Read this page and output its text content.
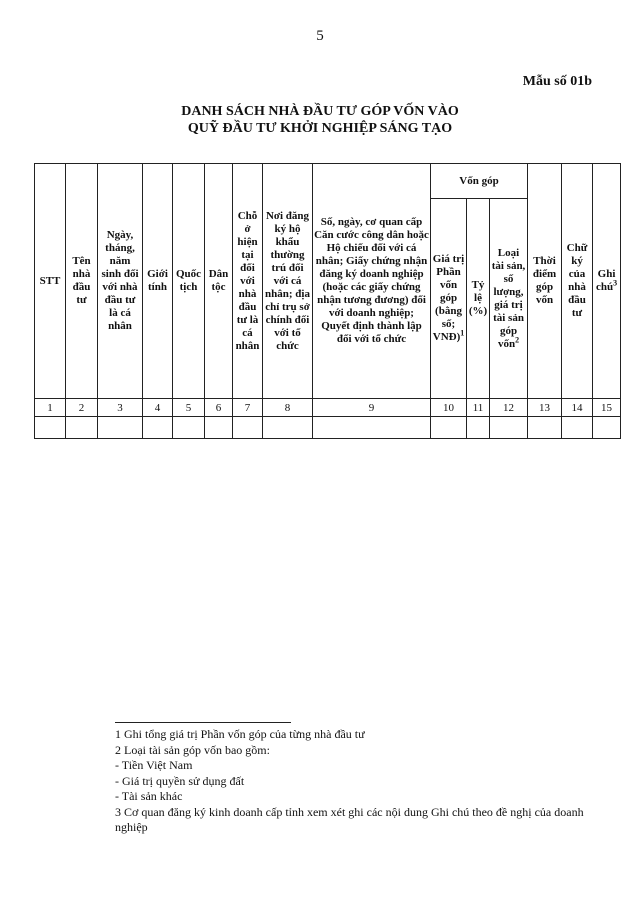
5
Mẫu số 01b
DANH SÁCH NHÀ ĐẦU TƯ GÓP VỐN VÀO
QUỸ ĐẦU TƯ KHỞI NGHIỆP SÁNG TẠO
STT	Tên nhà đầu tư	Ngày, tháng, năm sinh đối với nhà đầu tư là cá nhân	Giới tính	Quốc tịch	Dân tộc	Chỗ ở hiện tại đối với nhà đầu tư là cá nhân	Nơi đăng ký hộ khẩu thường trú đối với cá nhân; địa chỉ trụ sở chính đối với tổ chức	Số, ngày, cơ quan cấp Căn cước công dân hoặc Hộ chiếu đối với cá nhân; Giấy chứng nhận đăng ký doanh nghiệp (hoặc các giấy chứng nhận tương đương) đối với doanh nghiệp; Quyết định thành lập đối với tổ chức	Vốn góp			Thời điểm góp vốn	Chữ ký của nhà đầu tư	Ghi chú$^3$
									Giá trị Phần vốn góp (bằng số; VNĐ)$^1$	Tỷ lệ (%)	Loại tài sản, số lượng, giá trị tài sản góp vốn$^2$
1	2	3	4	5	6	7	8	9	10	11	12	13	14	15

1 Ghi tổng giá trị Phần vốn góp của từng nhà đầu tư

2 Loại tài sản góp vốn bao gồm:

- Tiền Việt Nam

- Giá trị quyền sử dụng đất

- Tài sản khác

3 Cơ quan đăng ký kinh doanh cấp tỉnh xem xét ghi các nội dung Ghi chú theo đề nghị của doanh nghiệp
